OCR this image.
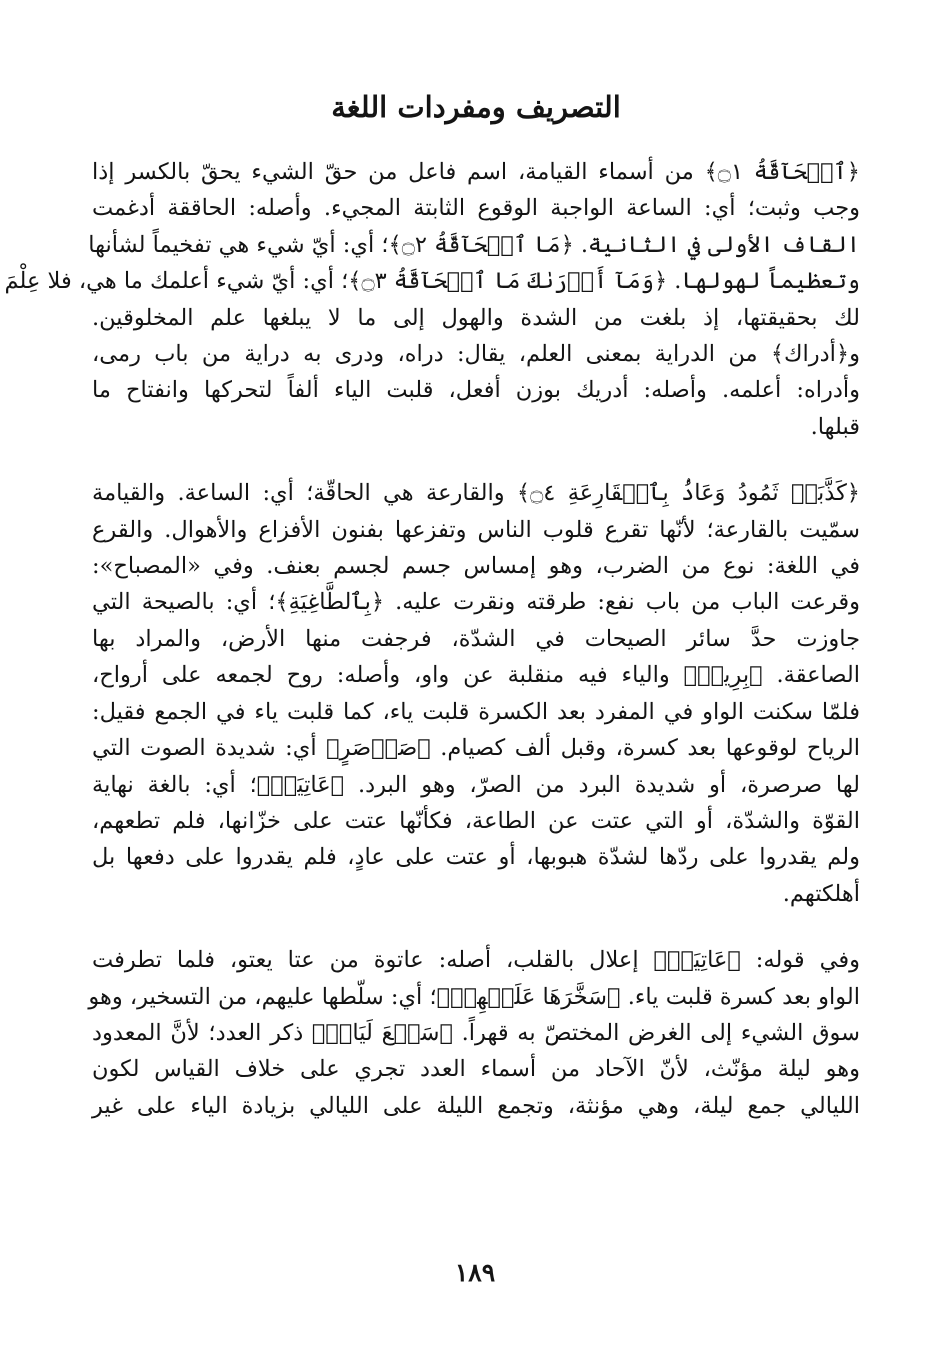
التصريف ومفردات اللغة
﴿ٱلۡحَآقَّةُ ۝١﴾ من أسماء القيامة، اسم فاعل من حقّ الشيء يحقّ بالكسر إذا
وجب وثبت؛ أي: الساعة الواجبة الوقوع الثابتة المجيء. وأصله: الحاققة أدغمت
القاف الأولى في الثانية. ﴿مَا ٱلۡحَآقَّةُ ۝٢﴾؛ أي: أيّ شيء هي تفخيماً لشأنها
وتعظيماً لهولها. ﴿وَمَآ أَدۡرَىٰكَ مَا ٱلۡحَآقَّةُ ۝٣﴾؛ أي: أيّ شيء أعلمك ما هي، فلا عِلْمَ
لك بحقيقتها، إذ بلغت من الشدة والهول إلى ما لا يبلغها علم المخلوقين.
و﴿أدراك﴾ من الدراية بمعنى العلم، يقال: دراه، ودرى به دراية من باب رمى،
وأدراه: أعلمه. وأصله: أدريك بوزن أفعل، قلبت الياء ألفاً لتحركها وانفتاح ما
قبلها.
﴿كَذَّبَتۡ ثَمُودُ وَعَادُۢ بِٱلۡقَارِعَةِ ۝٤﴾ والقارعة هي الحاقّة؛ أي: الساعة. والقيامة
سمّيت بالقارعة؛ لأنّها تقرع قلوب الناس وتفزعها بفنون الأفزاع والأهوال. والقرع
في اللغة: نوع من الضرب، وهو إمساس جسم لجسم بعنف. وفي «المصباح»:
وقرعت الباب من باب نفع: طرقته ونقرت عليه. ﴿بِٱلطَّاغِيَةِ﴾؛ أي: بالصيحة التي
جاوزت حدَّ سائر الصيحات في الشدّة، فرجفت منها الأرض، والمراد بها
الصاعقة. ﴿بِرِيحٖ﴾ والياء فيه منقلبة عن واو، وأصله: روح لجمعه على أرواح،
فلمّا سكنت الواو في المفرد بعد الكسرة قلبت ياء، كما قلبت ياء في الجمع فقيل:
الرياح لوقوعها بعد كسرة، وقبل ألف كصيام. ﴿صَرۡصَرٍ﴾ أي: شديدة الصوت التي
لها صرصرة، أو شديدة البرد من الصرّ، وهو البرد. ﴿عَاتِيَةٖ﴾؛ أي: بالغة نهاية
القوّة والشدّة، أو التي عتت عن الطاعة، فكأنّها عتت على خزّانها، فلم تطعهم،
ولم يقدروا على ردّها لشدّة هبوبها، أو عتت على عادٍ، فلم يقدروا على دفعها بل
أهلكتهم.
وفي قوله: ﴿عَاتِيَةٖ﴾ إعلال بالقلب، أصله: عاتوة من عتا يعتو، فلما تطرفت
الواو بعد كسرة قلبت ياء. ﴿سَخَّرَهَا عَلَيۡهِمۡ﴾؛ أي: سلّطها عليهم، من التسخير، وهو
سوق الشيء إلى الغرض المختصّ به قهراً. ﴿سَبۡعَ لَيَالٖ﴾ ذكر العدد؛ لأنَّ المعدود
وهو ليلة مؤنّث، لأنّ الآحاد من أسماء العدد تجري على خلاف القياس لكون
الليالي جمع ليلة، وهي مؤنثة، وتجمع الليلة على الليالي بزيادة الياء على غير
١٨٩
